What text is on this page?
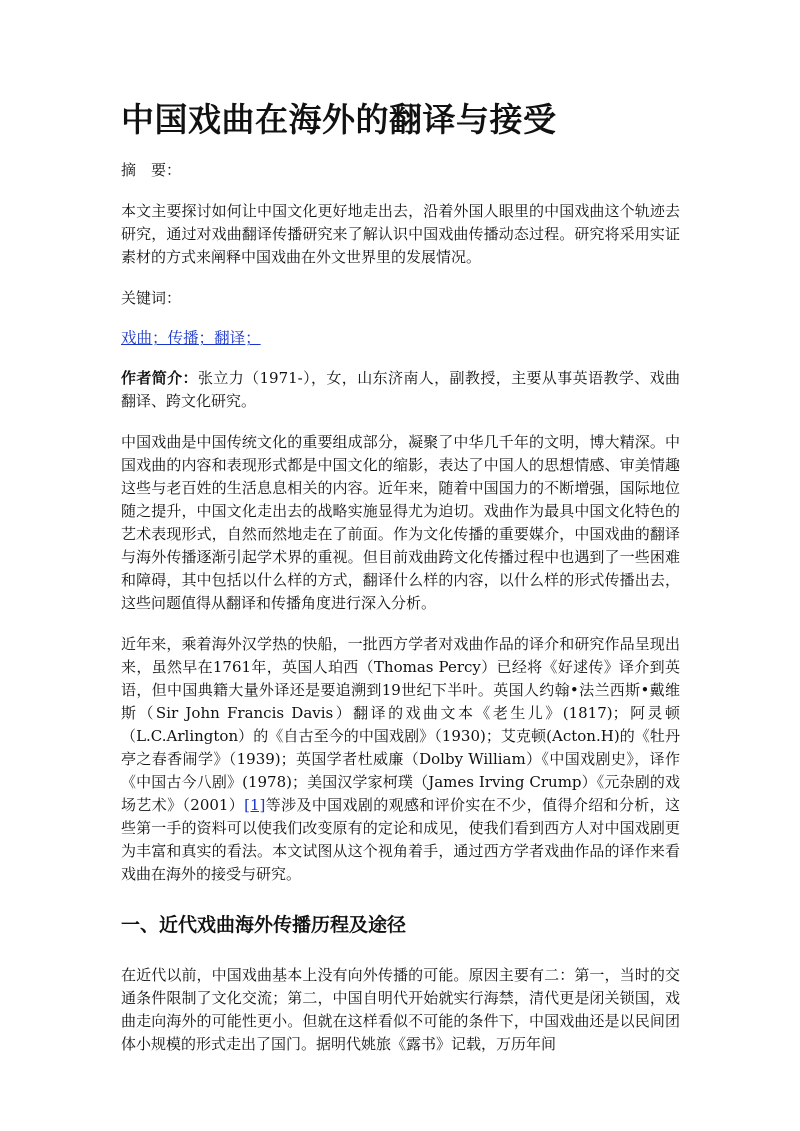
中国戏曲在海外的翻译与接受

摘　要：

本文主要探讨如何让中国文化更好地走出去，沿着外国人眼里的中国戏曲这个轨迹去研究，通过对戏曲翻译传播研究来了解认识中国戏曲传播动态过程。研究将采用实证素材的方式来阐释中国戏曲在外文世界里的发展情况。

关键词：

戏曲；传播；翻译；

作者简介：张立力（1971-），女，山东济南人，副教授，主要从事英语教学、戏曲翻译、跨文化研究。

中国戏曲是中国传统文化的重要组成部分，凝聚了中华几千年的文明，博大精深。中国戏曲的内容和表现形式都是中国文化的缩影，表达了中国人的思想情感、审美情趣这些与老百姓的生活息息相关的内容。近年来，随着中国国力的不断增强，国际地位随之提升，中国文化走出去的战略实施显得尤为迫切。戏曲作为最具中国文化特色的艺术表现形式，自然而然地走在了前面。作为文化传播的重要媒介，中国戏曲的翻译与海外传播逐渐引起学术界的重视。但目前戏曲跨文化传播过程中也遇到了一些困难和障碍，其中包括以什么样的方式，翻译什么样的内容，以什么样的形式传播出去，这些问题值得从翻译和传播角度进行深入分析。

近年来，乘着海外汉学热的快船，一批西方学者对戏曲作品的译介和研究作品呈现出来，虽然早在1761年，英国人珀西（Thomas Percy）已经将《好逑传》译介到英语，但中国典籍大量外译还是要追溯到19世纪下半叶。英国人约翰•法兰西斯•戴维斯（Sir John Francis Davis）翻译的戏曲文本《老生儿》(1817)；阿灵顿（L.C.Arlington）的《自古至今的中国戏剧》（1930)；艾克顿(Acton.H)的《牡丹亭之春香闹学》（1939)；英国学者杜威廉（Dolby William）《中国戏剧史》，译作《中国古今八剧》(1978)；美国汉学家柯璞（James Irving Crump）《元杂剧的戏场艺术》（2001）[1]等涉及中国戏剧的观感和评价实在不少，值得介绍和分析，这些第一手的资料可以使我们改变原有的定论和成见，使我们看到西方人对中国戏剧更为丰富和真实的看法。本文试图从这个视角着手，通过西方学者戏曲作品的译作来看戏曲在海外的接受与研究。

一、近代戏曲海外传播历程及途径

在近代以前，中国戏曲基本上没有向外传播的可能。原因主要有二：第一，当时的交通条件限制了文化交流；第二，中国自明代开始就实行海禁，清代更是闭关锁国，戏曲走向海外的可能性更小。但就在这样看似不可能的条件下，中国戏曲还是以民间团体小规模的形式走出了国门。据明代姚旅《露书》记载，万历年间
